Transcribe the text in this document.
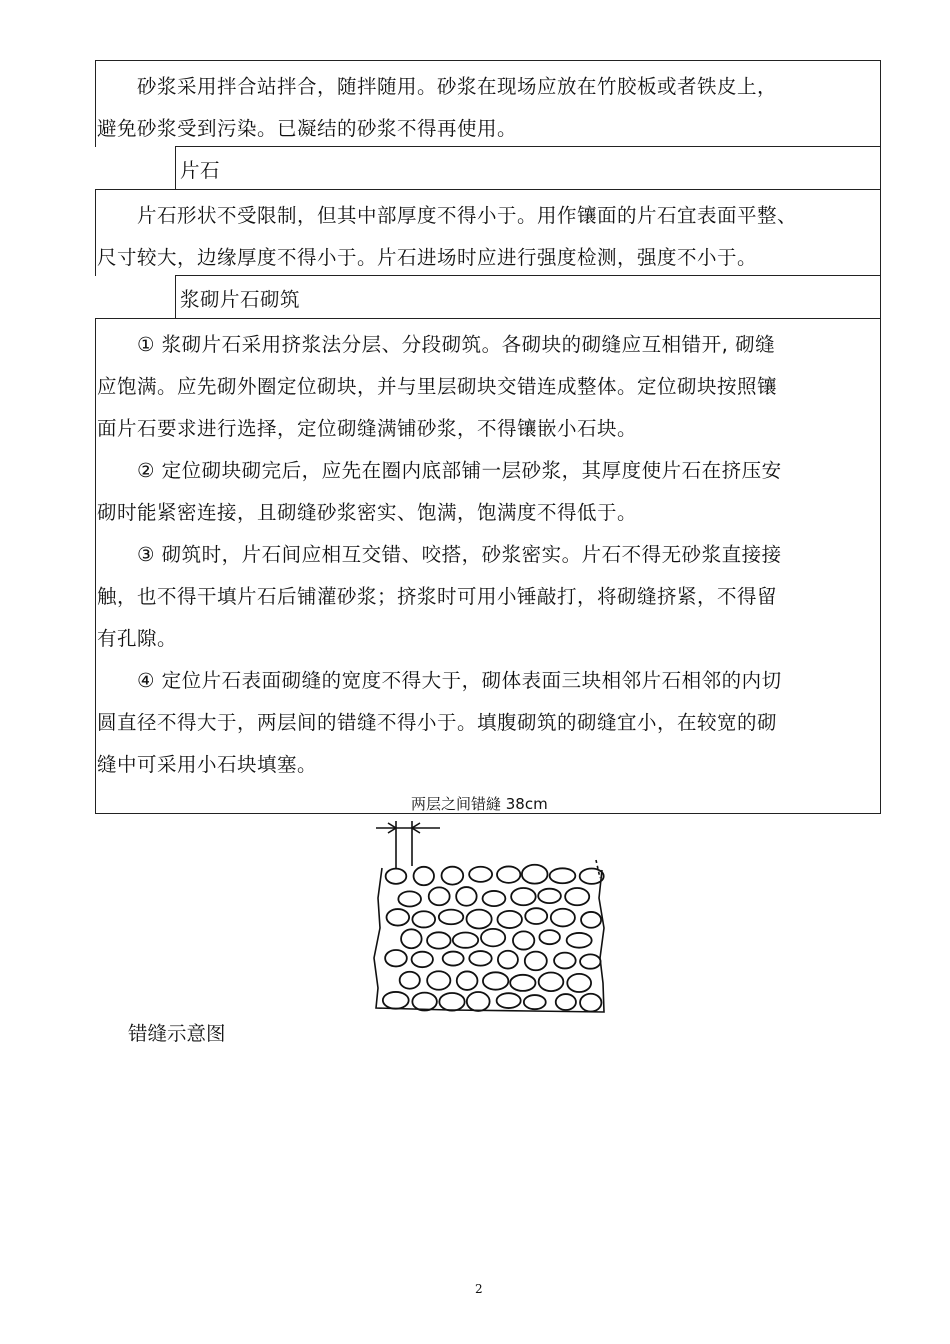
　　砂浆采用拌合站拌合，随拌随用。砂浆在现场应放在竹胶板或者铁皮上，
避免砂浆受到污染。已凝结的砂浆不得再使用。
片石
　　片石形状不受限制，但其中部厚度不得小于。用作镶面的片石宜表面平整、
尺寸较大，边缘厚度不得小于。片石进场时应进行强度检测，强度不小于。
浆砌片石砌筑
　　① 浆砌片石采用挤浆法分层、分段砌筑。各砌块的砌缝应互相错开, 砌缝
应饱满。应先砌外圈定位砌块，并与里层砌块交错连成整体。定位砌块按照镶
面片石要求进行选择，定位砌缝满铺砂浆，不得镶嵌小石块。
　　② 定位砌块砌完后，应先在圈内底部铺一层砂浆，其厚度使片石在挤压安
砌时能紧密连接，且砌缝砂浆密实、饱满，饱满度不得低于。
　　③ 砌筑时，片石间应相互交错、咬搭，砂浆密实。片石不得无砂浆直接接
触，也不得干填片石后铺灌砂浆；挤浆时可用小锤敲打，将砌缝挤紧，不得留
有孔隙。
　　④ 定位片石表面砌缝的宽度不得大于，砌体表面三块相邻片石相邻的内切
圆直径不得大于，两层间的错缝不得小于。填腹砌筑的砌缝宜小，在较宽的砌
缝中可采用小石块填塞。
两层之间错縫 38cm
错缝示意图
2
